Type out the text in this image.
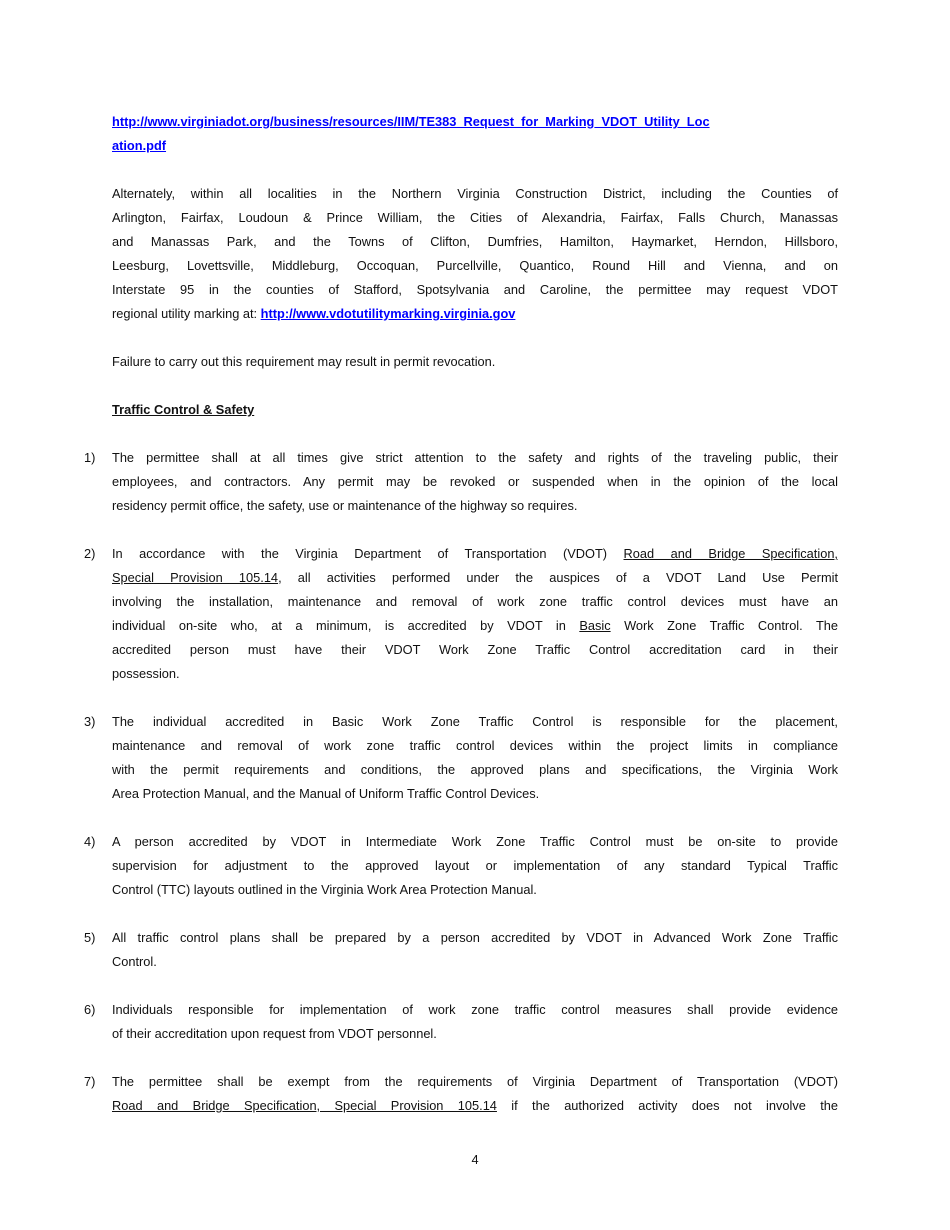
http://www.virginiadot.org/business/resources/IIM/TE383_Request_for_Marking_VDOT_Utility_Loc
ation.pdf
Alternately, within all localities in the Northern Virginia Construction District, including the Counties of
Arlington, Fairfax, Loudoun & Prince William, the Cities of Alexandria, Fairfax, Falls Church, Manassas
and Manassas Park, and the Towns of Clifton, Dumfries, Hamilton, Haymarket, Herndon, Hillsboro,
Leesburg, Lovettsville, Middleburg, Occoquan, Purcellville, Quantico, Round Hill and Vienna, and on
Interstate 95 in the counties of Stafford, Spotsylvania and Caroline, the permittee may request VDOT
regional utility marking at: http://www.vdotutilitymarking.virginia.gov
Failure to carry out this requirement may result in permit revocation.
Traffic Control & Safety
1) The permittee shall at all times give strict attention to the safety and rights of the traveling public, their
employees, and contractors. Any permit may be revoked or suspended when in the opinion of the local
residency permit office, the safety, use or maintenance of the highway so requires.
2) In accordance with the Virginia Department of Transportation (VDOT) Road and Bridge Specification,
Special Provision 105.14, all activities performed under the auspices of a VDOT Land Use Permit
involving the installation, maintenance and removal of work zone traffic control devices must have an
individual on-site who, at a minimum, is accredited by VDOT in Basic Work Zone Traffic Control. The
accredited person must have their VDOT Work Zone Traffic Control accreditation card in their
possession.
3) The individual accredited in Basic Work Zone Traffic Control is responsible for the placement,
maintenance and removal of work zone traffic control devices within the project limits in compliance
with the permit requirements and conditions, the approved plans and specifications, the Virginia Work
Area Protection Manual, and the Manual of Uniform Traffic Control Devices.
4) A person accredited by VDOT in Intermediate Work Zone Traffic Control must be on-site to provide
supervision for adjustment to the approved layout or implementation of any standard Typical Traffic
Control (TTC) layouts outlined in the Virginia Work Area Protection Manual.
5) All traffic control plans shall be prepared by a person accredited by VDOT in Advanced Work Zone Traffic
Control.
6) Individuals responsible for implementation of work zone traffic control measures shall provide evidence
of their accreditation upon request from VDOT personnel.
7) The permittee shall be exempt from the requirements of Virginia Department of Transportation (VDOT)
Road and Bridge Specification, Special Provision 105.14 if the authorized activity does not involve the
4
